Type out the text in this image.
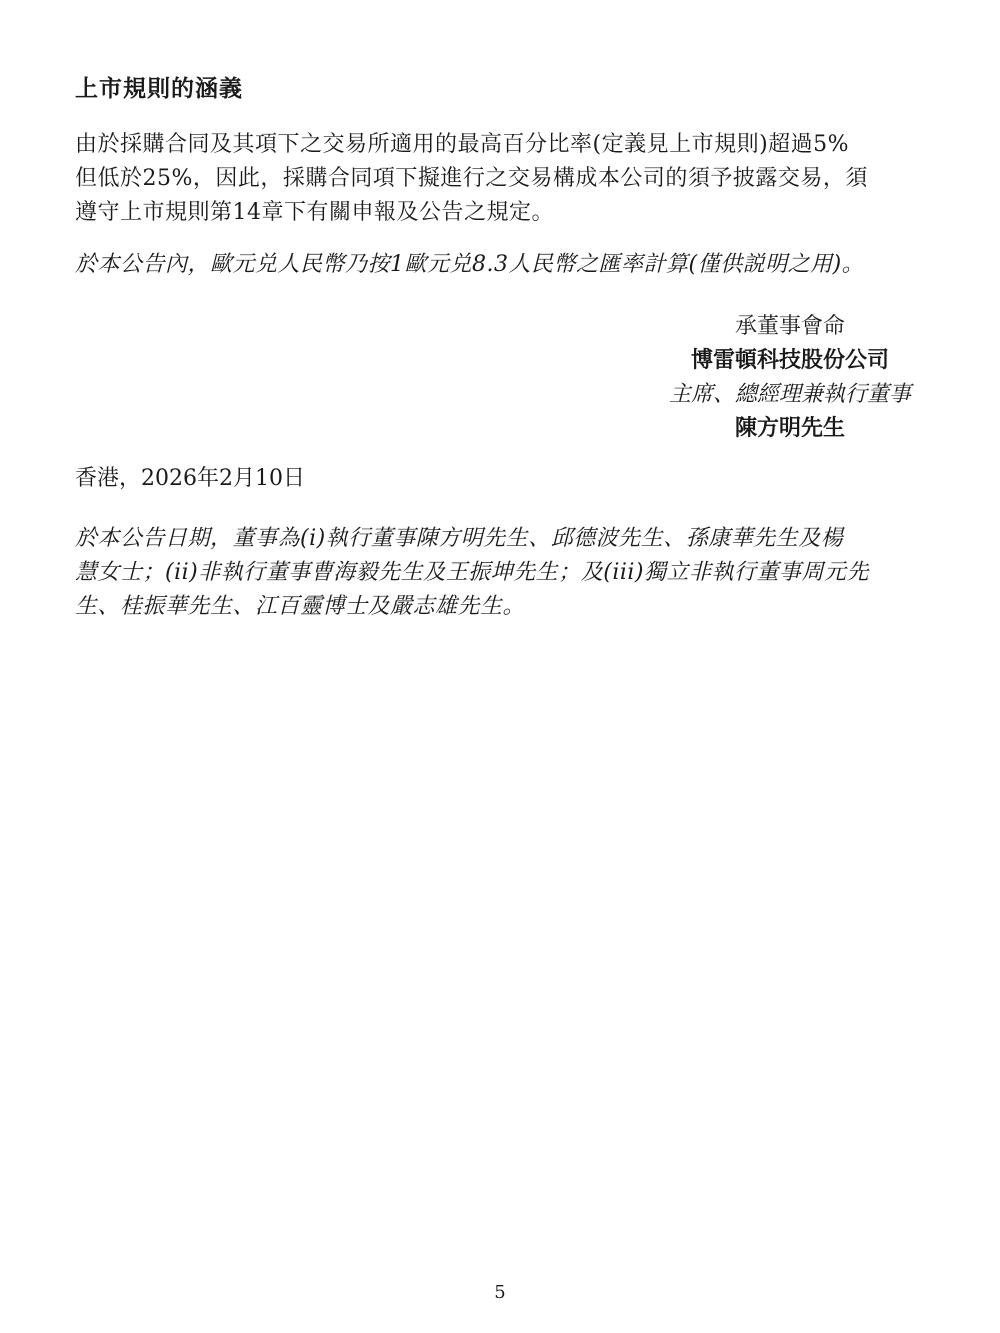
上市規則的涵義
由於採購合同及其項下之交易所適用的最高百分比率(定義見上市規則)超過5%
但低於25%，因此，採購合同項下擬進行之交易構成本公司的須予披露交易，須
遵守上市規則第14章下有關申報及公告之規定。
於本公告內，歐元兑人民幣乃按1歐元兑8.3人民幣之匯率計算(僅供説明之用)。
承董事會命
博雷頓科技股份公司
主席、總經理兼執行董事
陳方明先生
香港，2026年2月10日
於本公告日期，董事為(i)執行董事陳方明先生、邱德波先生、孫康華先生及楊
慧女士；(ii)非執行董事曹海毅先生及王振坤先生；及(iii)獨立非執行董事周元先
生、桂振華先生、江百靈博士及嚴志雄先生。
5
